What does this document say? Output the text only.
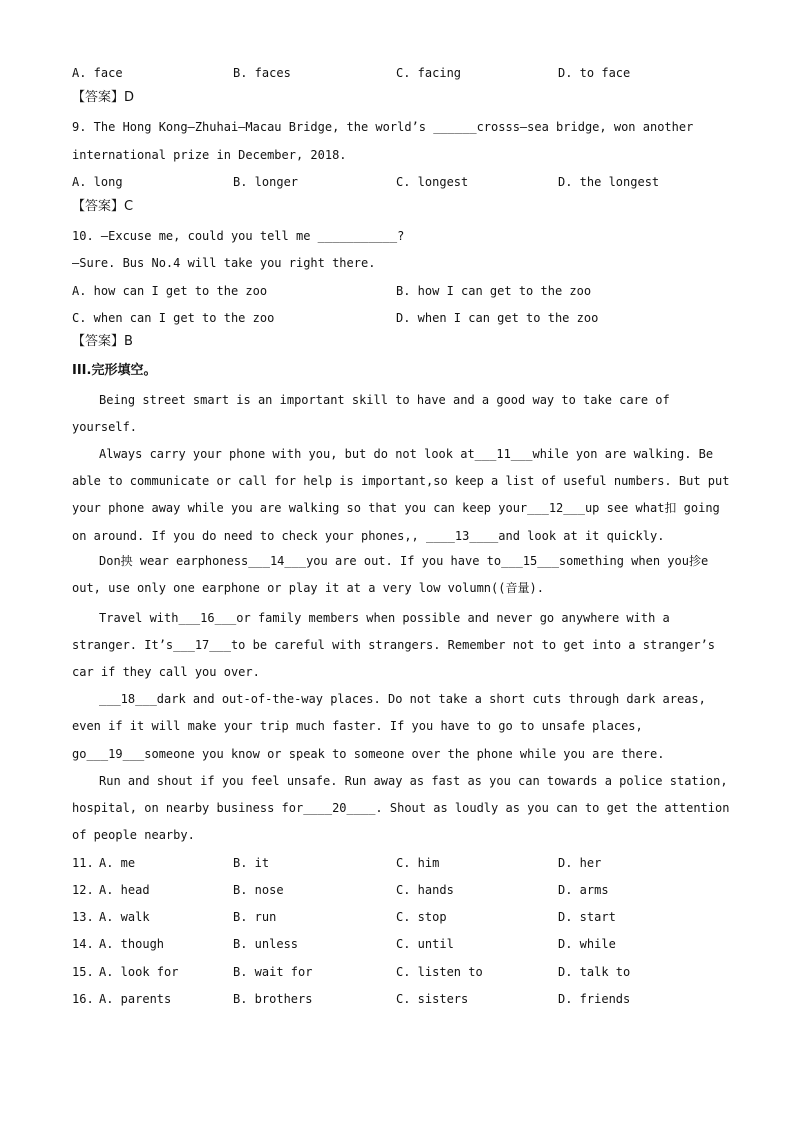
A. face	B. faces	C. facing	D. to face
【答案】D
9. The Hong Kong—Zhuhai—Macau Bridge, the world’s ______crosss—sea bridge, won another
international prize in December, 2018.
A. long	B. longer	C. longest	D. the longest
【答案】C
10. —Excuse me, could you tell me ___________?
—Sure. Bus No.4 will take you right there.
A. how can I get to the zoo	B. how I can get to the zoo
C. when can I get to the zoo	D. when I can get to the zoo
【答案】B
III.完形填空。
Being street smart is an important skill to have and a good way to take care of
yourself.
Always carry your phone with you, but do not look at___11___while yon are walking. Be
able to communicate or call for help is important,so keep a list of useful numbers. But put
your phone away while you are walking so that you can keep your___12___up see what扣 going
on around. If you do need to check your phones,, ____13____and look at it quickly.
Don抰 wear earphoness___14___you are out. If you have to___15___something when you抮e
out, use only one earphone or play it at a very low volumn((音量).
Travel with___16___or family members when possible and never go anywhere with a
stranger. It’s___17___to be careful with strangers. Remember not to get into a stranger’s
car if they call you over.
___18___dark and out-of-the-way places. Do not take a short cuts through dark areas,
even if it will make your trip much faster. If you have to go to unsafe places,
go___19___someone you know or speak to someone over the phone while you are there.
Run and shout if you feel unsafe. Run away as fast as you can towards a police station,
hospital, on nearby business for____20____. Shout as loudly as you can to get the attention
of people nearby.
11. A. me	B. it	C. him	D. her
12. A. head	B. nose	C. hands	D. arms
13. A. walk	B. run	C. stop	D. start
14. A. though	B. unless	C. until	D. while
15. A. look for	B. wait for	C. listen to	D. talk to
16. A. parents	B. brothers	C. sisters	D. friends
